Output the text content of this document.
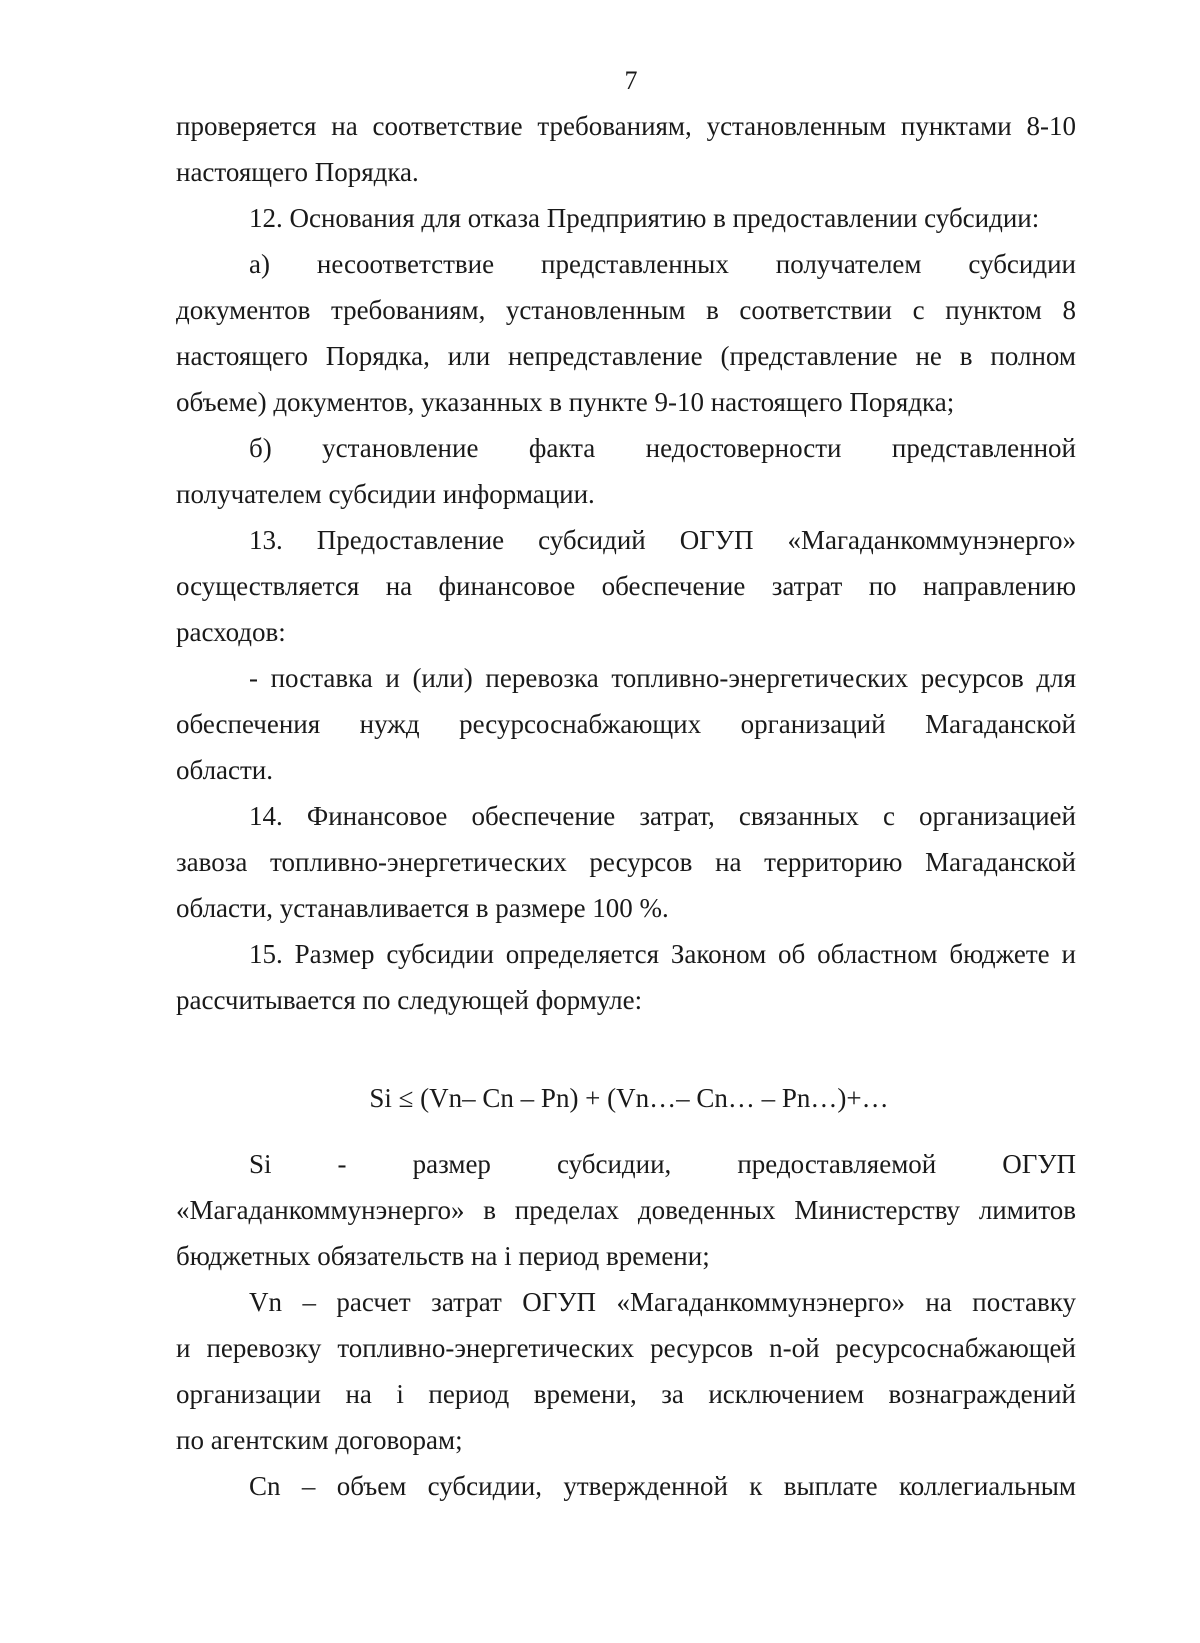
7
проверяется на соответствие требованиям, установленным пунктами 8-10
настоящего Порядка.
12. Основания для отказа Предприятию в предоставлении субсидии:
а) несоответствие представленных получателем субсидии
документов требованиям, установленным в соответствии с пунктом 8
настоящего Порядка, или непредставление (представление не в полном
объеме) документов, указанных в пункте 9-10 настоящего Порядка;
б) установление факта недостоверности представленной
получателем субсидии информации.
13. Предоставление субсидий ОГУП «Магаданкоммунэнерго»
осуществляется на финансовое обеспечение затрат по направлению
расходов:
- поставка и (или) перевозка топливно-энергетических ресурсов для
обеспечения нужд ресурсоснабжающих организаций Магаданской
области.
14. Финансовое обеспечение затрат, связанных с организацией
завоза топливно-энергетических ресурсов на территорию Магаданской
области, устанавливается в размере 100 %.
15. Размер субсидии определяется Законом об областном бюджете и
рассчитывается по следующей формуле:
Si ≤ (Vn– Cn – Pn) + (Vn…– Cn… – Pn…)+…
Si - размер субсидии, предоставляемой ОГУП
«Магаданкоммунэнерго» в пределах доведенных Министерству лимитов
бюджетных обязательств на i период времени;
Vn – расчет затрат ОГУП «Магаданкоммунэнерго» на поставку
и перевозку топливно-энергетических ресурсов n-ой ресурсоснабжающей
организации на i период времени, за исключением вознаграждений
по агентским договорам;
Cn – объем субсидии, утвержденной к выплате коллегиальным
